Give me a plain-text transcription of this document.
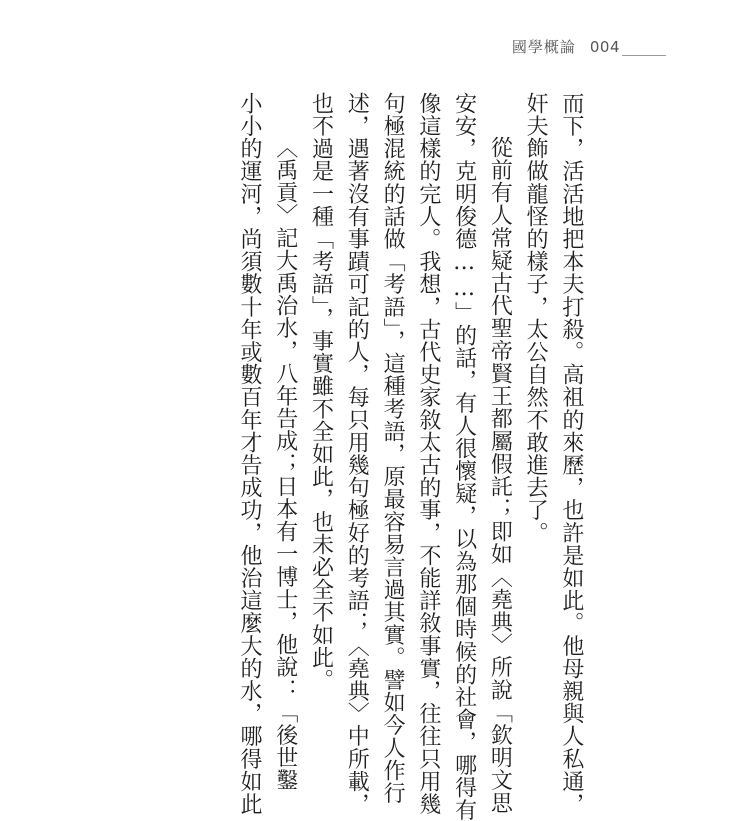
國學概論 004
而下，活活地把本夫打殺。高祖的來歷，也許是如此。他母親與人私通，
奸夫飾做龍怪的樣子，太公自然不敢進去了。
從前有人常疑古代聖帝賢王都屬假託；即如〈堯典〉所說「欽明文思
安安，克明俊德……」的話，有人很懷疑，以為那個時候的社會，哪得有
像這樣的完人。我想，古代史家敘太古的事，不能詳敘事實，往往只用幾
句極混統的話做「考語」，這種考語，原最容易言過其實。譬如今人作行
述，遇著沒有事蹟可記的人，每只用幾句極好的考語；〈堯典〉中所載，
也不過是一種「考語」，事實雖不全如此，也未必全不如此。
〈禹貢〉記大禹治水，八年告成；日本有一博士，他說：「後世鑿
小小的運河，尚須數十年或數百年才告成功，他治這麼大的水，哪得如此
